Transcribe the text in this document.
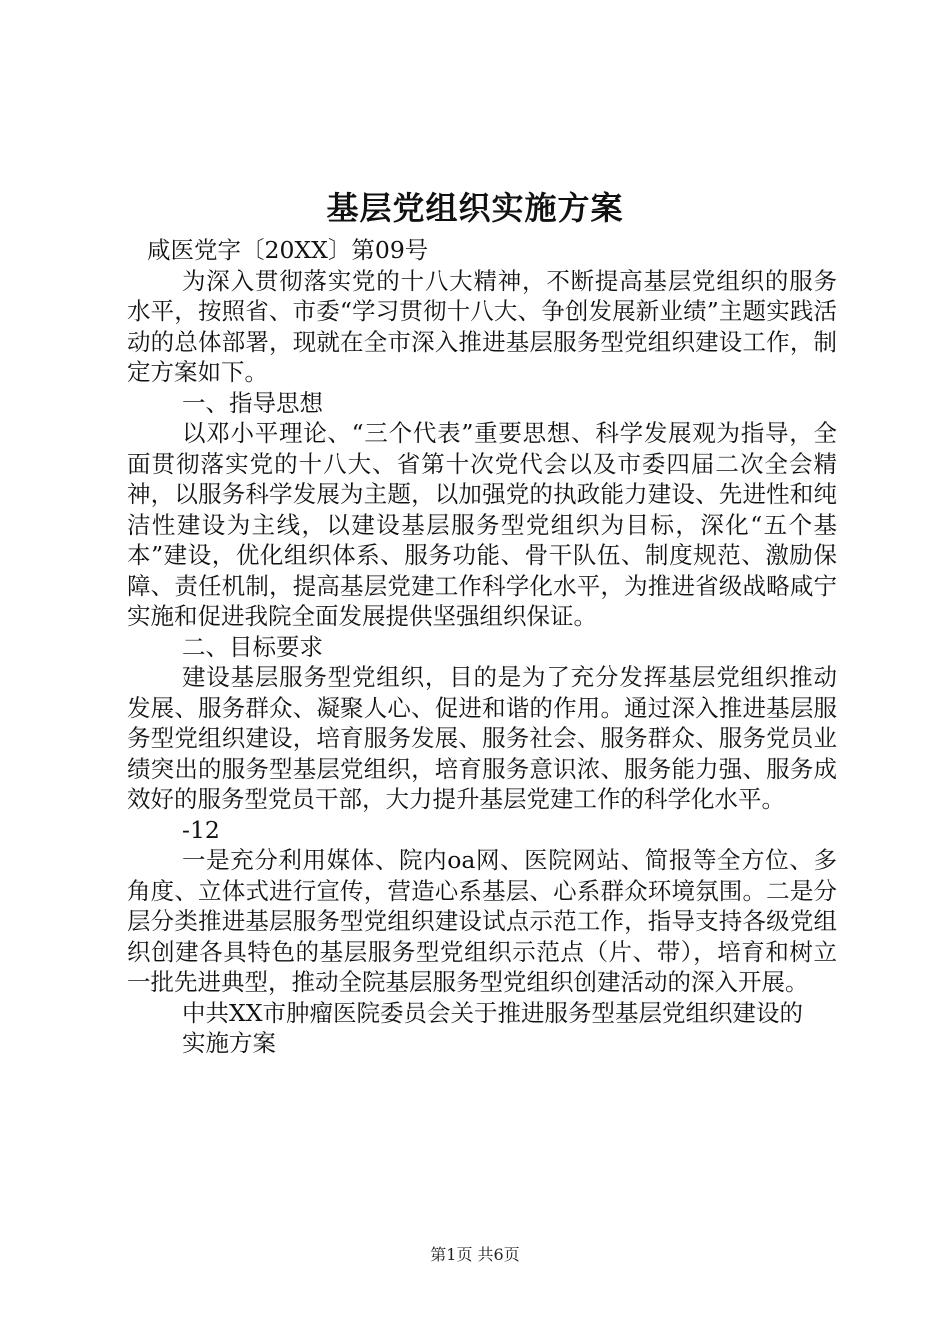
基层党组织实施方案

咸医党字〔20XX〕第09号

为深入贯彻落实党的十八大精神，不断提高基层党组织的服务水平，按照省、市委“学习贯彻十八大、争创发展新业绩”主题实践活动的总体部署，现就在全市深入推进基层服务型党组织建设工作，制定方案如下。

一、指导思想

以邓小平理论、“三个代表”重要思想、科学发展观为指导，全面贯彻落实党的十八大、省第十次党代会以及市委四届二次全会精神，以服务科学发展为主题，以加强党的执政能力建设、先进性和纯洁性建设为主线，以建设基层服务型党组织为目标，深化“五个基本”建设，优化组织体系、服务功能、骨干队伍、制度规范、激励保障、责任机制，提高基层党建工作科学化水平，为推进省级战略咸宁实施和促进我院全面发展提供坚强组织保证。

二、目标要求

建设基层服务型党组织，目的是为了充分发挥基层党组织推动发展、服务群众、凝聚人心、促进和谐的作用。通过深入推进基层服务型党组织建设，培育服务发展、服务社会、服务群众、服务党员业绩突出的服务型基层党组织，培育服务意识浓、服务能力强、服务成效好的服务型党员干部，大力提升基层党建工作的科学化水平。

-12

一是充分利用媒体、院内oa网、医院网站、简报等全方位、多角度、立体式进行宣传，营造心系基层、心系群众环境氛围。二是分层分类推进基层服务型党组织建设试点示范工作，指导支持各级党组织创建各具特色的基层服务型党组织示范点（片、带），培育和树立一批先进典型，推动全院基层服务型党组织创建活动的深入开展。

中共XX市肿瘤医院委员会关于推进服务型基层党组织建设的

实施方案

第1页 共6页
